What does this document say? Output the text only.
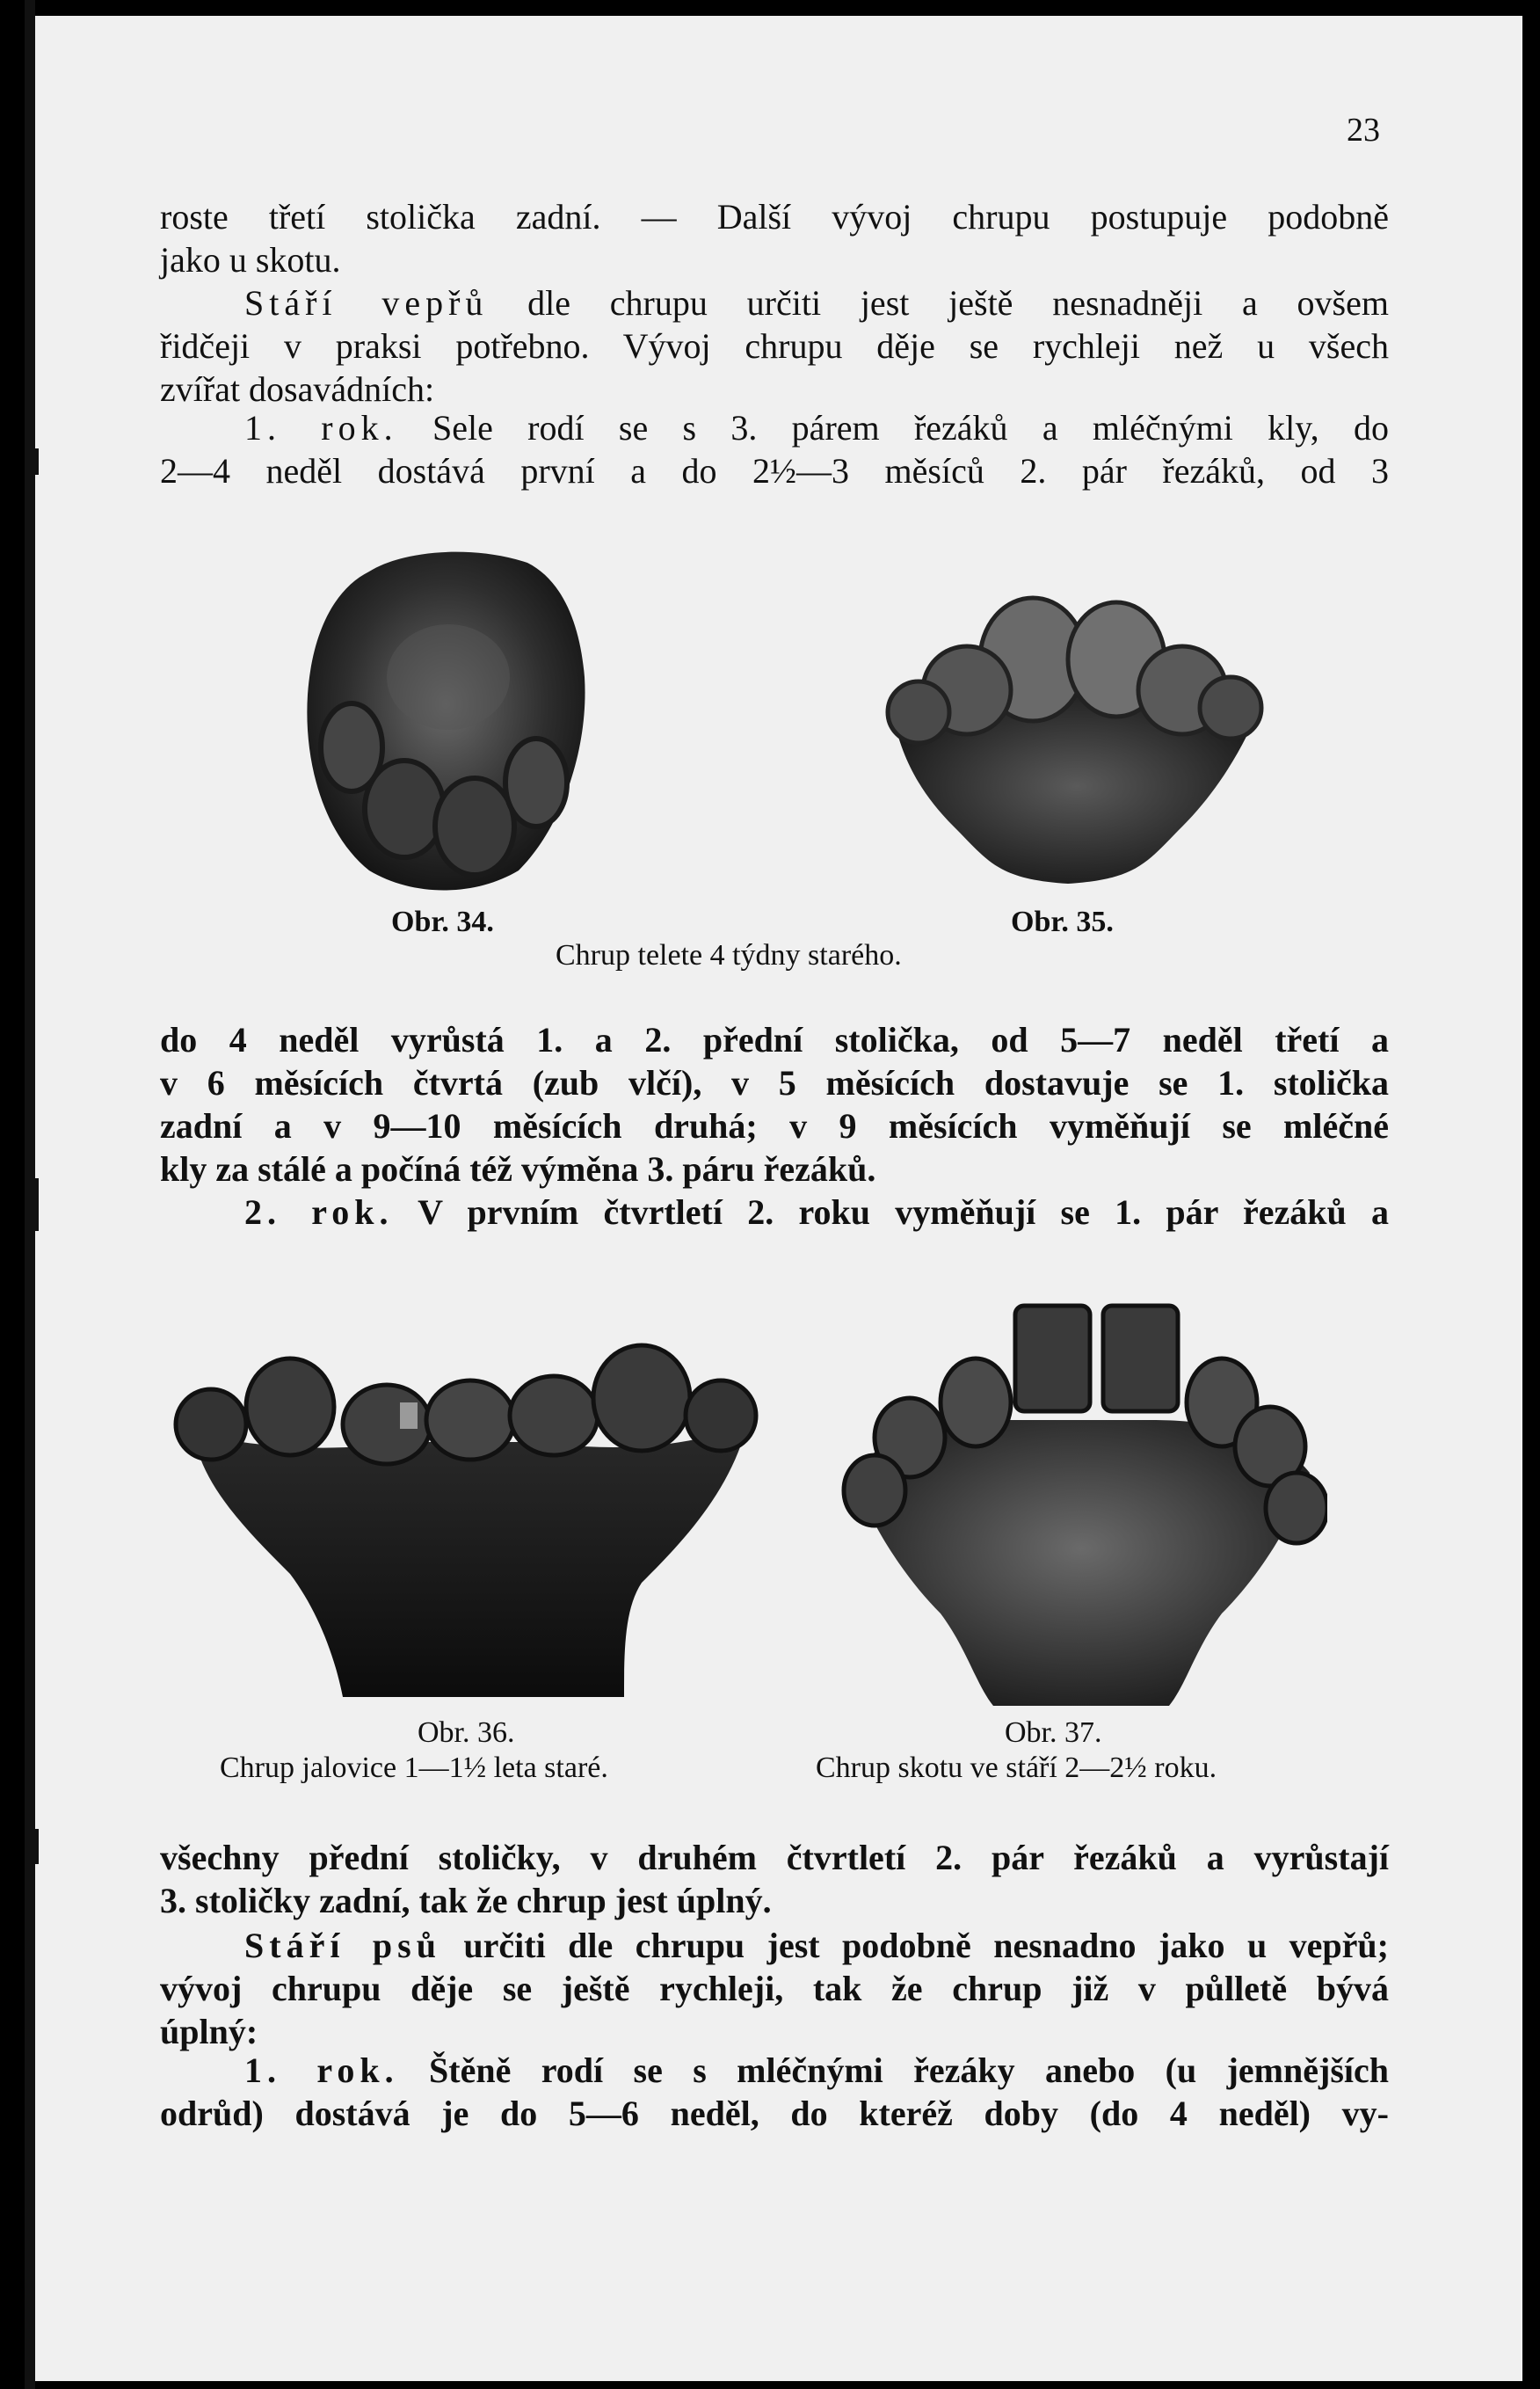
23
roste třetí stolička zadní. — Další vývoj chrupu postupuje podobně
jako u skotu.
Stáří vepřů dle chrupu určiti jest ještě nesnadněji a ovšem
řidčeji v praksi potřebno. Vývoj chrupu děje se rychleji než u všech
zvířat dosavádních:
1. rok. Sele rodí se s 3. párem řezáků a mléčnými kly, do
2—4 neděl dostává první a do 2½—3 měsíců 2. pár řezáků, od 3
Obr. 34.	Obr. 35.
Chrup telete 4 týdny starého.
do 4 neděl vyrůstá 1. a 2. přední stolička, od 5—7 neděl třetí a
v 6 měsících čtvrtá (zub vlčí), v 5 měsících dostavuje se 1. stolička
zadní a v 9—10 měsících druhá; v 9 měsících vyměňují se mléčné
kly za stálé a počíná též výměna 3. páru řezáků.
2. rok. V prvním čtvrtletí 2. roku vyměňují se 1. pár řezáků a
Obr. 36.
Chrup jalovice 1—1½ leta staré.
Obr. 37.
Chrup skotu ve stáří 2—2½ roku.
všechny přední stoličky, v druhém čtvrtletí 2. pár řezáků a vyrůstají
3. stoličky zadní, tak že chrup jest úplný.
Stáří psů určiti dle chrupu jest podobně nesnadno jako u vepřů;
vývoj chrupu děje se ještě rychleji, tak že chrup již v půlletě bývá
úplný:
1. rok. Štěně rodí se s mléčnými řezáky anebo (u jemnějších
odrůd) dostává je do 5—6 neděl, do kteréž doby (do 4 neděl) vy-
